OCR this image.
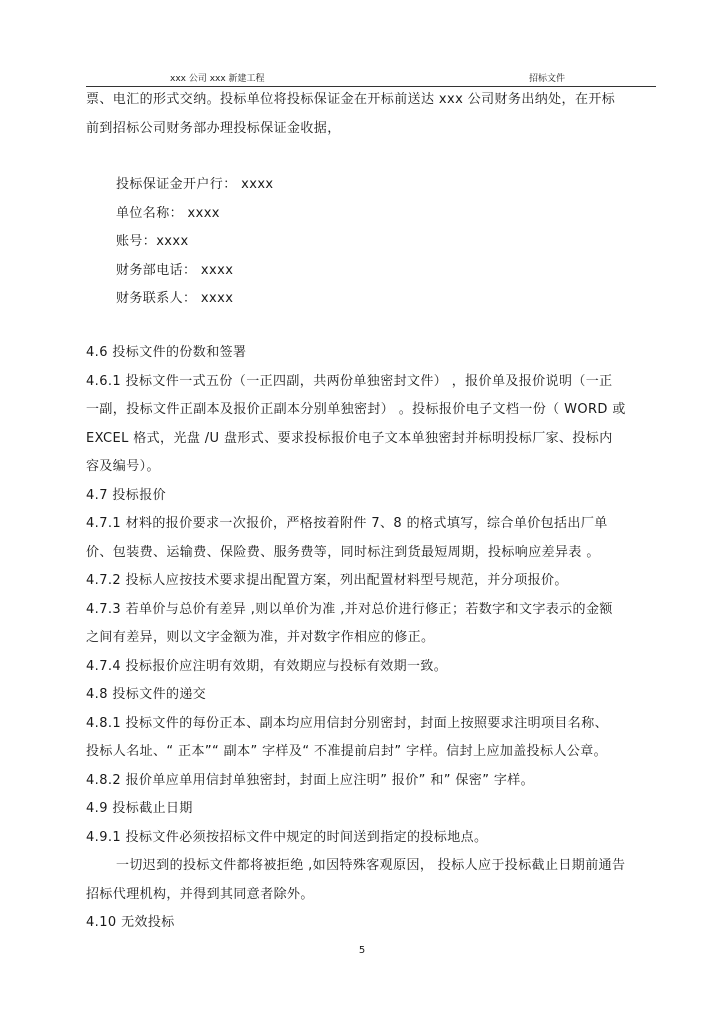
xxx 公司 xxx 新建工程	招标文件
票、电汇的形式交纳。投标单位将投标保证金在开标前送达 xxx 公司财务出纳处，在开标
前到招标公司财务部办理投标保证金收据，
投标保证金开户行： xxxx
单位名称： xxxx
账号：xxxx
财务部电话： xxxx
财务联系人： xxxx
4.6 投标文件的份数和签署
4.6.1 投标文件一式五份（一正四副，共两份单独密封文件） ，报价单及报价说明（一正
一副，投标文件正副本及报价正副本分别单独密封） 。投标报价电子文档一份（ WORD 或
EXCEL 格式，光盘 /U 盘形式、要求投标报价电子文本单独密封并标明投标厂家、投标内
容及编号）。
4.7 投标报价
4.7.1 材料的报价要求一次报价，严格按着附件 7、8 的格式填写，综合单价包括出厂单
价、包装费、运输费、保险费、服务费等，同时标注到货最短周期，投标响应差异表 。
4.7.2 投标人应按技术要求提出配置方案，列出配置材料型号规范，并分项报价。
4.7.3 若单价与总价有差异 ,则以单价为准 ,并对总价进行修正；若数字和文字表示的金额
之间有差异，则以文字金额为准，并对数字作相应的修正。
4.7.4 投标报价应注明有效期，有效期应与投标有效期一致。
4.8 投标文件的递交
4.8.1 投标文件的每份正本、副本均应用信封分别密封，封面上按照要求注明项目名称、
投标人名址、“ 正本”“ 副本” 字样及“ 不准提前启封” 字样。信封上应加盖投标人公章。
4.8.2 报价单应单用信封单独密封，封面上应注明” 报价” 和” 保密” 字样。
4.9 投标截止日期
4.9.1 投标文件必须按招标文件中规定的时间送到指定的投标地点。
一切迟到的投标文件都将被拒绝 ,如因特殊客观原因， 投标人应于投标截止日期前通告
招标代理机构，并得到其同意者除外。
4.10 无效投标
5
